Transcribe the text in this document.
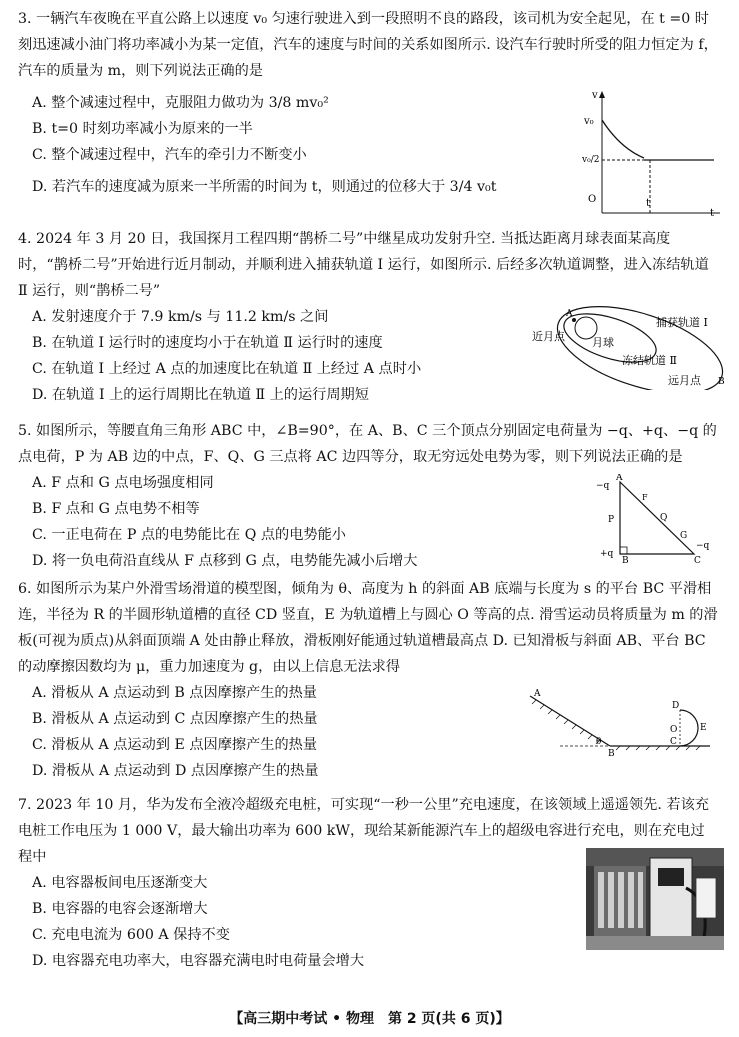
3. 一辆汽车夜晚在平直公路上以速度 v₀ 匀速行驶进入到一段照明不良的路段，该司机为安全起见，在 t =0 时刻迅速减小油门将功率减小为某一定值，汽车的速度与时间的关系如图所示. 设汽车行驶时所受的阻力恒定为 f，汽车的质量为 m，则下列说法正确的是
A. 整个减速过程中，克服阻力做功为 3/8 mv₀²
B. t=0 时刻功率减小为原来的一半
C. 整个减速过程中，汽车的牵引力不断变小
D. 若汽车的速度减为原来一半所需的时间为 t，则通过的位移大于 3/4 v₀t
v
v₀
v₀/2
O	t
t
4. 2024 年 3 月 20 日，我国探月工程四期“鹊桥二号”中继星成功发射升空. 当抵达距离月球表面某高度时，“鹊桥二号”开始进行近月制动，并顺利进入捕获轨道 Ⅰ 运行，如图所示. 后经多次轨道调整，进入冻结轨道 Ⅱ 运行，则“鹊桥二号”
A. 发射速度介于 7.9 km/s 与 11.2 km/s 之间
B. 在轨道 Ⅰ 运行时的速度均小于在轨道 Ⅱ 运行时的速度
C. 在轨道 Ⅰ 上经过 A 点的加速度比在轨道 Ⅱ 上经过 A 点时小
D. 在轨道 Ⅰ 上的运行周期比在轨道 Ⅱ 上的运行周期短
A
近月点 月球
捕获轨道 Ⅰ
冻结轨道 Ⅱ
远月点 B
5. 如图所示，等腰直角三角形 ABC 中，∠B=90°，在 A、B、C 三个顶点分别固定电荷量为 −q、+q、−q 的点电荷，P 为 AB 边的中点，F、Q、G 三点将 AC 边四等分，取无穷远处电势为零，则下列说法正确的是
A. F 点和 G 点电场强度相同
B. F 点和 G 点电势不相等
C. 一正电荷在 P 点的电势能比在 Q 点的电势能小
D. 将一负电荷沿直线从 F 点移到 G 点，电势能先减小后增大
−q
A
F
P	Q
G
+q
B	C
−q
6. 如图所示为某户外滑雪场滑道的模型图，倾角为 θ、高度为 h 的斜面 AB 底端与长度为 s 的平台 BC 平滑相连，半径为 R 的半圆形轨道槽的直径 CD 竖直，E 为轨道槽上与圆心 O 等高的点. 滑雪运动员将质量为 m 的滑板(可视为质点)从斜面顶端 A 处由静止释放，滑板刚好能通过轨道槽最高点 D. 已知滑板与斜面 AB、平台 BC 的动摩擦因数均为 μ，重力加速度为 g，由以上信息无法求得
A. 滑板从 A 点运动到 B 点因摩擦产生的热量
B. 滑板从 A 点运动到 C 点因摩擦产生的热量
C. 滑板从 A 点运动到 E 点因摩擦产生的热量
D. 滑板从 A 点运动到 D 点因摩擦产生的热量
A
θ
B
D
O	E
C
7. 2023 年 10 月，华为发布全液冷超级充电桩，可实现“一秒一公里”充电速度，在该领域上遥遥领先. 若该充电桩工作电压为 1 000 V，最大输出功率为 600 kW，现给某新能源汽车上的超级电容进行充电，则在充电过程中
A. 电容器板间电压逐渐变大
B. 电容器的电容会逐渐增大
C. 充电电流为 600 A 保持不变
D. 电容器充电功率大，电容器充满电时电荷量会增大
【高三期中考试 • 物理　第 2 页(共 6 页)】
